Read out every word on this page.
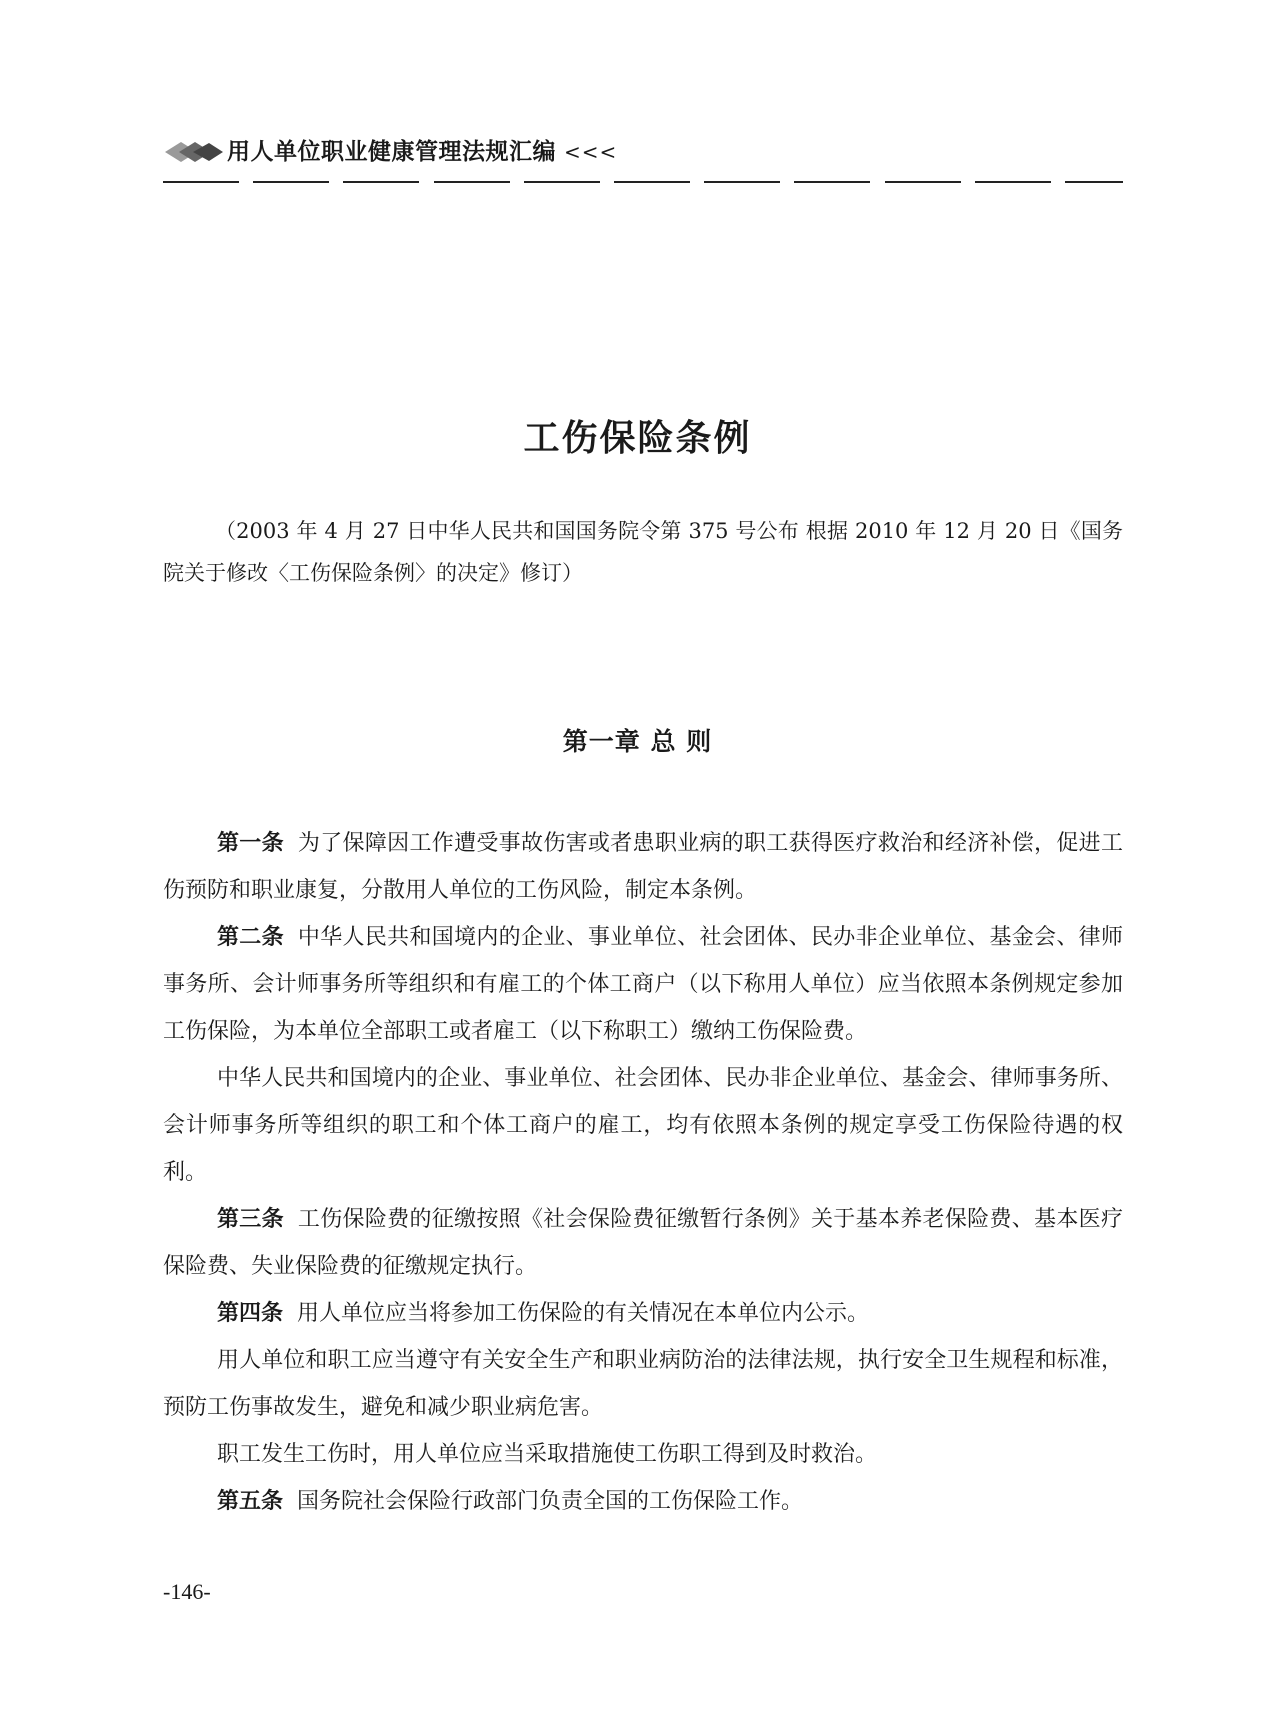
用人单位职业健康管理法规汇编 <<<
工伤保险条例
（2003 年 4 月 27 日中华人民共和国国务院令第 375 号公布 根据 2010 年 12 月 20 日《国务院关于修改〈工伤保险条例〉的决定》修订）
第一章 总 则

第一条 为了保障因工作遭受事故伤害或者患职业病的职工获得医疗救治和经济补偿，促进工伤预防和职业康复，分散用人单位的工伤风险，制定本条例。

第二条 中华人民共和国境内的企业、事业单位、社会团体、民办非企业单位、基金会、律师事务所、会计师事务所等组织和有雇工的个体工商户（以下称用人单位）应当依照本条例规定参加工伤保险，为本单位全部职工或者雇工（以下称职工）缴纳工伤保险费。

中华人民共和国境内的企业、事业单位、社会团体、民办非企业单位、基金会、律师事务所、会计师事务所等组织的职工和个体工商户的雇工，均有依照本条例的规定享受工伤保险待遇的权利。

第三条 工伤保险费的征缴按照《社会保险费征缴暂行条例》关于基本养老保险费、基本医疗保险费、失业保险费的征缴规定执行。

第四条 用人单位应当将参加工伤保险的有关情况在本单位内公示。

用人单位和职工应当遵守有关安全生产和职业病防治的法律法规，执行安全卫生规程和标准，预防工伤事故发生，避免和减少职业病危害。

职工发生工伤时，用人单位应当采取措施使工伤职工得到及时救治。

第五条 国务院社会保险行政部门负责全国的工伤保险工作。

-146-
